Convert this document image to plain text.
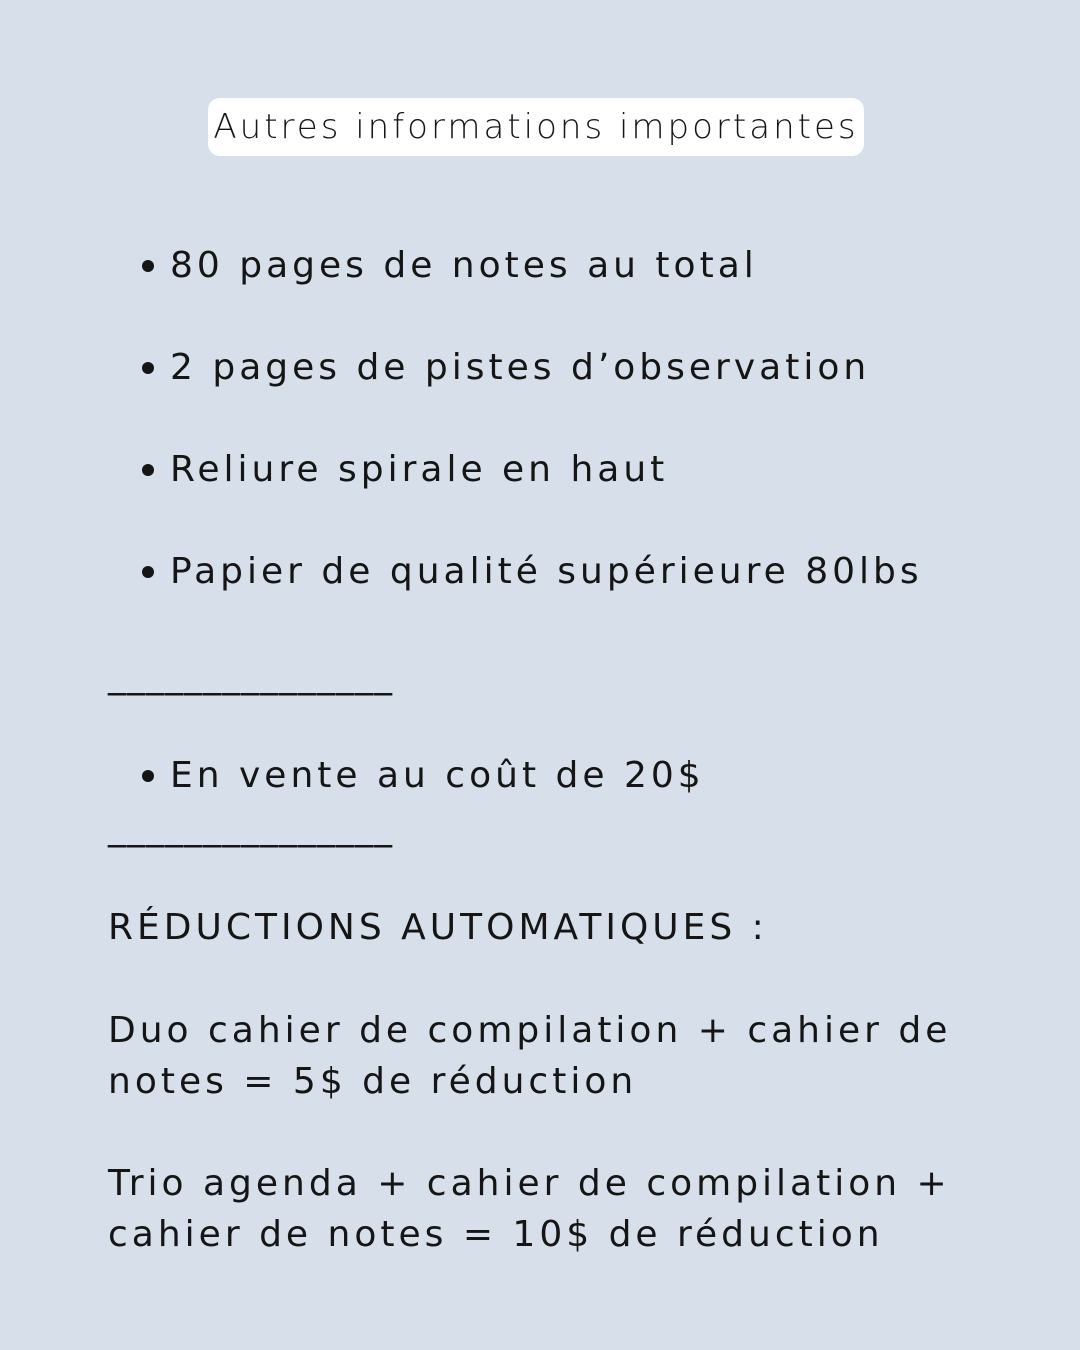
Autres informations importantes
80 pages de notes au total
2 pages de pistes d’observation
Reliure spirale en haut
Papier de qualité supérieure 80lbs
_______________
En vente au coût de 20$
_______________
RÉDUCTIONS AUTOMATIQUES :
Duo cahier de compilation + cahier de
notes = 5$ de réduction
Trio agenda + cahier de compilation +
cahier de notes = 10$ de réduction
